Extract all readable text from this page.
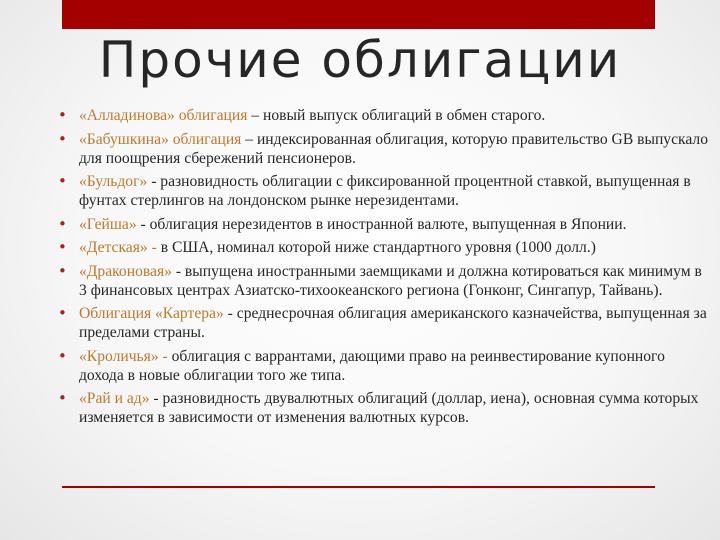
Прочие облигации
• «Алладинова» облигация – новый выпуск облигаций в обмен старого.
• «Бабушкина» облигация – индексированная облигация, которую правительство GB выпускало для поощрения сбережений пенсионеров.
• «Бульдог» - разновидность облигации с фиксированной процентной ставкой, выпущенная в фунтах стерлингов на лондонском рынке нерезидентами.
• «Гейша» - облигация нерезидентов в иностранной валюте, выпущенная в Японии.
• «Детская» - в США, номинал которой ниже стандартного уровня (1000 долл.)
• «Драконовая» - выпущена иностранными заемщиками и должна котироваться как минимум в 3 финансовых центрах Азиатско-тихоокеанского региона (Гонконг, Сингапур, Тайвань).
• Облигация «Картера» - среднесрочная облигация американского казначейства, выпущенная за пределами страны.
• «Кроличья» - облигация с варрантами, дающими право на реинвестирование купонного дохода в новые облигации того же типа.
• «Рай и ад» - разновидность двувалютных облигаций (доллар, иена), основная сумма которых изменяется в зависимости от изменения валютных курсов.
